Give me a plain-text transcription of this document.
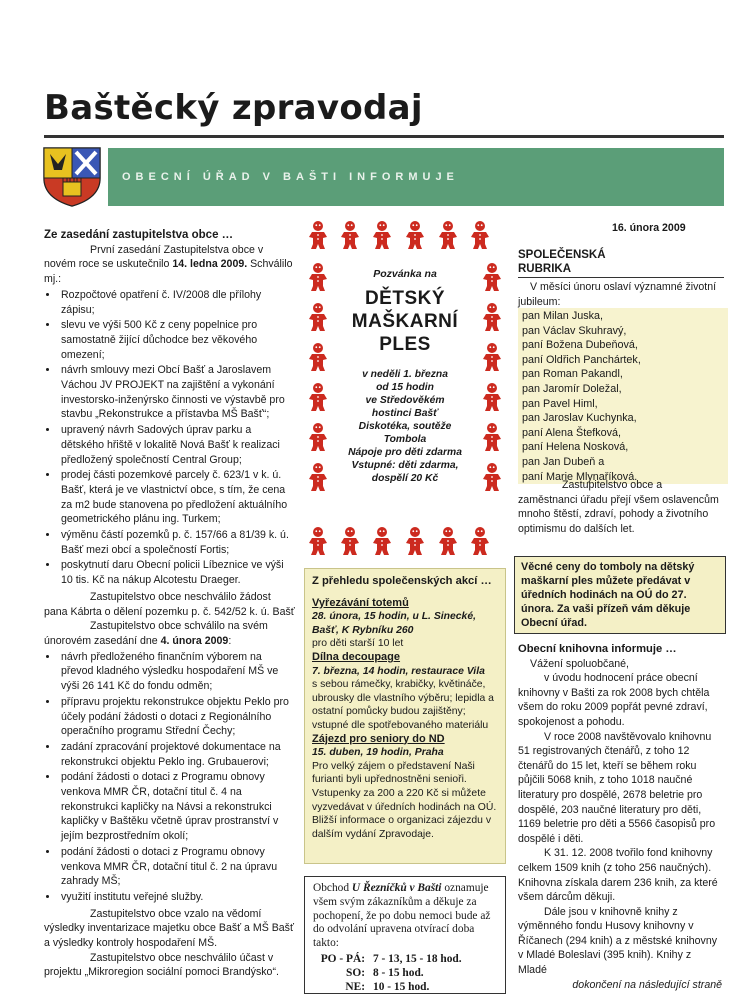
Baštěcký zpravodaj
OBECNÍ ÚŘAD V BAŠTI INFORMUJE

Ze zasedání zastupitelstva obce …

První zasedání Zastupitelstva obce v novém roce se uskutečnilo 14. ledna 2009. Schválilo mj.:

• Rozpočtové opatření č. IV/2008 dle přílohy zápisu;
• slevu ve výši 500 Kč z ceny popelnice pro samostatně žijící důchodce bez věkového omezení;
• návrh smlouvy mezi Obcí Bašť a Jaroslavem Váchou JV PROJEKT na zajištění a vykonání investorsko-inženýrsko činnosti ve výstavbě pro stavbu „Rekonstrukce a přístavba MŠ Bašť“;
• upravený návrh Sadových úprav parku a dětského hřiště v lokalitě Nová Bašť k realizaci předložený společností Central Group;
• prodej části pozemkové parcely č. 623/1 v k. ú. Bašť, která je ve vlastnictví obce, s tím, že cena za m2 bude stanovena po předložení aktuálního geometrického plánu ing. Turkem;
• výměnu částí pozemků p. č. 157/66 a 81/39 k. ú. Bašť mezi obcí a společností Fortis;
• poskytnutí daru Obecní policii Líbeznice ve výši 10 tis. Kč na nákup Alcotestu Draeger.

Zastupitelstvo obce neschválilo žádost pana Kábrta o dělení pozemku p. č. 542/52 k. ú. Bašť

Zastupitelstvo obce schválilo na svém únorovém zasedání dne 4. února 2009:

• návrh předloženého finančním výborem na převod kladného výsledku hospodaření MŠ ve výši 26 141 Kč do fondu odměn;
• přípravu projektu rekonstrukce objektu Peklo pro účely podání žádosti o dotaci z Regionálního operačního programu Střední Čechy;
• zadání zpracování projektové dokumentace na rekonstrukci objektu Peklo ing. Grubauerovi;
• podání žádosti o dotaci z Programu obnovy venkova MMR ČR, dotační titul č. 4 na rekonstrukci kapličky na Návsi a rekonstrukci kapličky v Baštěku včetně úprav prostranství v jejím bezprostředním okolí;
• podání žádosti o dotaci z Programu obnovy venkova MMR ČR, dotační titul č. 2 na úpravu zahrady MŠ;
• využití institutu veřejné služby.

Zastupitelstvo obce vzalo na vědomí výsledky inventarizace majetku obce Bašť a MŠ Bašť a výsledky kontroly hospodaření MŠ.

Zastupitelstvo obce neschválilo účast v projektu „Mikroregion sociální pomoci Brandýsko“.

Pozvánka na
DĚTSKÝ
MAŠKARNÍ
PLES
v neděli 1. března
od 15 hodin
ve Středověkém
hostinci Bašť
Diskotéka, soutěže
Tombola
Nápoje pro děti zdarma
Vstupné: děti zdarma,
dospělí 20 Kč

Z přehledu společenských akcí …

Vyřezávání totemů

28. února, 15 hodin, u L. Sinecké, Bašť, K Rybníku 260

pro děti starší 10 let

Dílna decoupage

7. března, 14 hodin, restaurace Vila

s sebou rámečky, krabičky, květináče, ubrousky dle vlastního výběru; lepidla a ostatní pomůcky budou zajištěny; vstupné dle spotřebovaného materiálu

Zájezd pro seniory do ND

15. duben, 19 hodin, Praha

Pro velký zájem o představení Naši furianti byli upřednostněni senioři. Vstupenky za 200 a 220 Kč si můžete vyzvedávat v úředních hodinách na OÚ. Bližší informace o organizaci zájezdu v dalším vydání Zpravodaje.

Obchod U Řezníčků v Bašti oznamuje všem svým zákazníkům a děkuje za pochopení, že po dobu nemoci bude až do odvolání upravena otvírací doba takto:

PO - PÁ:	7 - 13, 15 - 18 hod.
SO:	8 - 15 hod.
NE:	10 - 15 hod.
16. února 2009
SPOLEČENSKÁ
RUBRIKA
V měsíci únoru oslaví významné životní jubileum:
pan Milan Juska,
pan Václav Skuhravý,
paní Božena Dubeňová,
paní Oldřich Panchártek,
pan Roman Pakandl,
pan Jaromír Doležal,
pan Pavel Himl,
pan Jaroslav Kuchynka,
paní Alena Štefková,
paní Helena Nosková,
pan Jan Dubeň a
paní Marie Mlynaříková.

Zastupitelstvo obce a zaměstnanci úřadu přejí všem oslavencům mnoho štěstí, zdraví, pohody a životního optimismu do dalších let.

Věcné ceny do tomboly na dětský maškarní ples můžete předávat v úředních hodinách na OÚ do 27. února. Za vaši přízeň vám děkuje Obecní úřad.

Obecní knihovna informuje …

Vážení spoluobčané,

v úvodu hodnocení práce obecní knihovny v Bašti za rok 2008 bych chtěla všem do roku 2009 popřát pevné zdraví, spokojenost a pohodu.

V roce 2008 navštěvovalo knihovnu 51 registrovaných čtenářů, z toho 12 čtenářů do 15 let, kteří se během roku půjčili 5068 knih, z toho 1018 naučné literatury pro dospělé, 2678 beletrie pro dospělé, 203 naučné literatury pro děti, 1169 beletrie pro děti a 5566 časopisů pro dospělé i děti.

K 31. 12. 2008 tvořilo fond knihovny celkem 1509 knih (z toho 256 naučných). Knihovna získala darem 236 knih, za které všem dárcům děkuji.

Dále jsou v knihovně knihy z výměnného fondu Husovy knihovny v Říčanech (294 knih) a z městské knihovny v Mladé Boleslavi (395 knih). Knihy z Mladé

dokončení na následující straně
